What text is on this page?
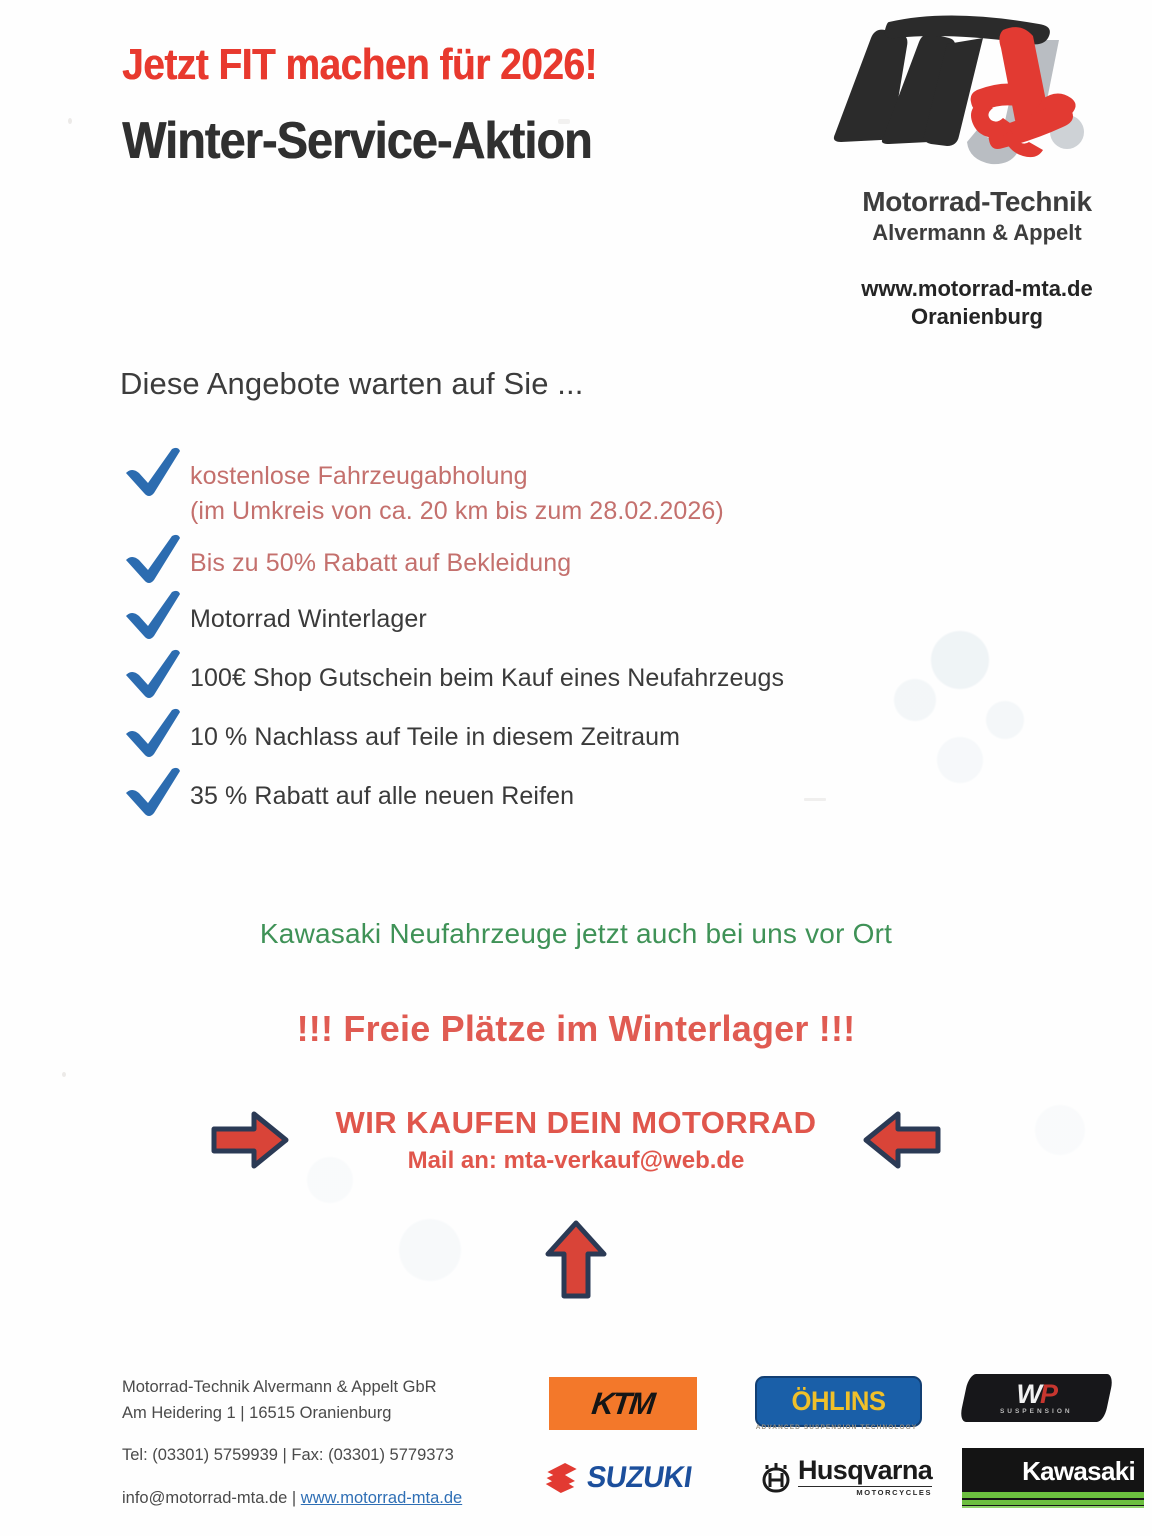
Jetzt FIT machen für 2026!
Winter-Service-Aktion
Motorrad-Technik
Alvermann & Appelt
www.motorrad-mta.de
Oranienburg
Diese Angebote warten auf Sie ...
kostenlose Fahrzeugabholung
(im Umkreis von ca. 20 km bis zum 28.02.2026)
Bis zu 50% Rabatt auf Bekleidung
Motorrad Winterlager
100€ Shop Gutschein beim Kauf eines Neufahrzeugs
10 % Nachlass auf Teile in diesem Zeitraum
35 % Rabatt auf alle neuen Reifen
Kawasaki Neufahrzeuge jetzt auch bei uns vor Ort
!!! Freie Plätze im Winterlager !!!
WIR KAUFEN DEIN MOTORRAD
Mail an: mta-verkauf@web.de
Motorrad-Technik Alvermann & Appelt GbR
Am Heidering 1 | 16515 Oranienburg
Tel: (03301) 5759939 | Fax: (03301) 5779373
info@motorrad-mta.de | www.motorrad-mta.de
KTM	ÖHLINS
ADVANCED SUSPENSION TECHNOLOGY
WP
SUSPENSION
SUZUKI	Husqvarna
MOTORCYCLES
Kawasaki
